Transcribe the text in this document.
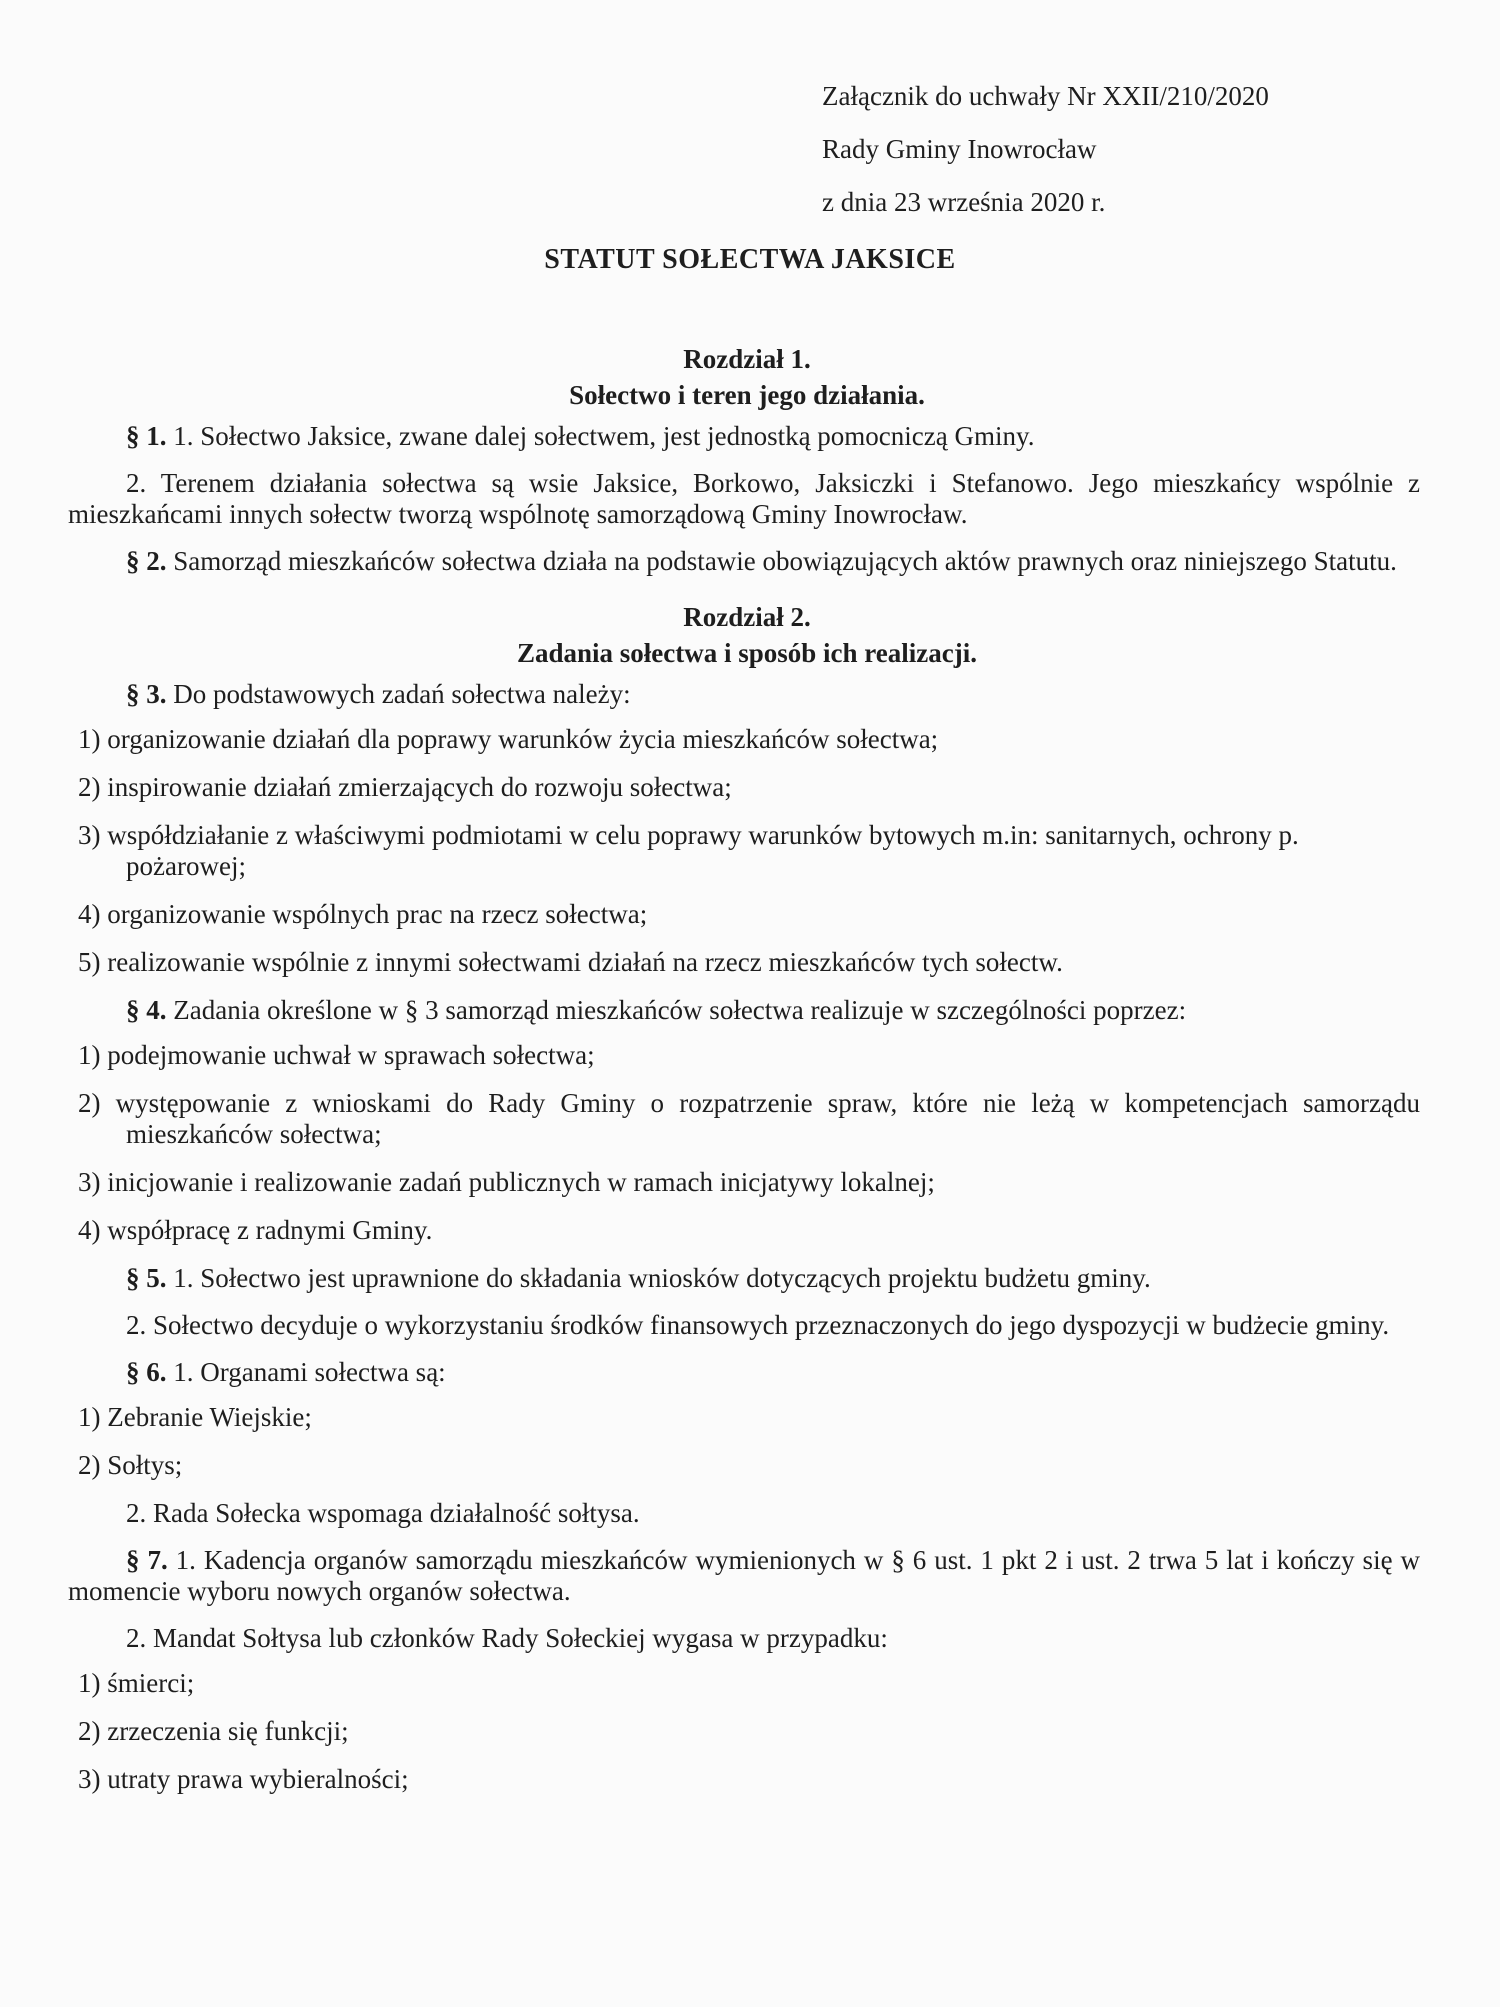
Załącznik do uchwały Nr XXII/210/2020
Rady Gminy Inowrocław
z dnia 23 września 2020 r.
STATUT SOŁECTWA JAKSICE
Rozdział 1.
Sołectwo i teren jego działania.
§ 1. 1. Sołectwo Jaksice, zwane dalej sołectwem, jest jednostką pomocniczą Gminy.
2. Terenem działania sołectwa są wsie Jaksice, Borkowo, Jaksiczki i Stefanowo. Jego mieszkańcy wspólnie z mieszkańcami innych sołectw tworzą wspólnotę samorządową Gminy Inowrocław.
§ 2. Samorząd mieszkańców sołectwa działa na podstawie obowiązujących aktów prawnych oraz niniejszego Statutu.
Rozdział 2.
Zadania sołectwa i sposób ich realizacji.
§ 3. Do podstawowych zadań sołectwa należy:
1) organizowanie działań dla poprawy warunków życia mieszkańców sołectwa;
2) inspirowanie działań zmierzających do rozwoju sołectwa;
3) współdziałanie z właściwymi podmiotami w celu poprawy warunków bytowych m.in: sanitarnych, ochrony p. pożarowej;
4) organizowanie wspólnych prac na rzecz sołectwa;
5) realizowanie wspólnie z innymi sołectwami działań na rzecz mieszkańców tych sołectw.
§ 4. Zadania określone w § 3 samorząd mieszkańców sołectwa realizuje w szczególności poprzez:
1) podejmowanie uchwał w sprawach sołectwa;
2) występowanie z wnioskami do Rady Gminy o rozpatrzenie spraw, które nie leżą w kompetencjach samorządu mieszkańców sołectwa;
3) inicjowanie i realizowanie zadań publicznych w ramach inicjatywy lokalnej;
4) współpracę z radnymi Gminy.
§ 5. 1. Sołectwo jest uprawnione do składania wniosków dotyczących projektu budżetu gminy.
2. Sołectwo decyduje o wykorzystaniu środków finansowych przeznaczonych do jego dyspozycji w budżecie gminy.
§ 6. 1. Organami sołectwa są:
1) Zebranie Wiejskie;
2) Sołtys;
2. Rada Sołecka wspomaga działalność sołtysa.
§ 7. 1. Kadencja organów samorządu mieszkańców wymienionych w § 6 ust. 1 pkt 2 i ust. 2 trwa 5 lat i kończy się w momencie wyboru nowych organów sołectwa.
2. Mandat Sołtysa lub członków Rady Sołeckiej wygasa w przypadku:
1) śmierci;
2) zrzeczenia się funkcji;
3) utraty prawa wybieralności;
